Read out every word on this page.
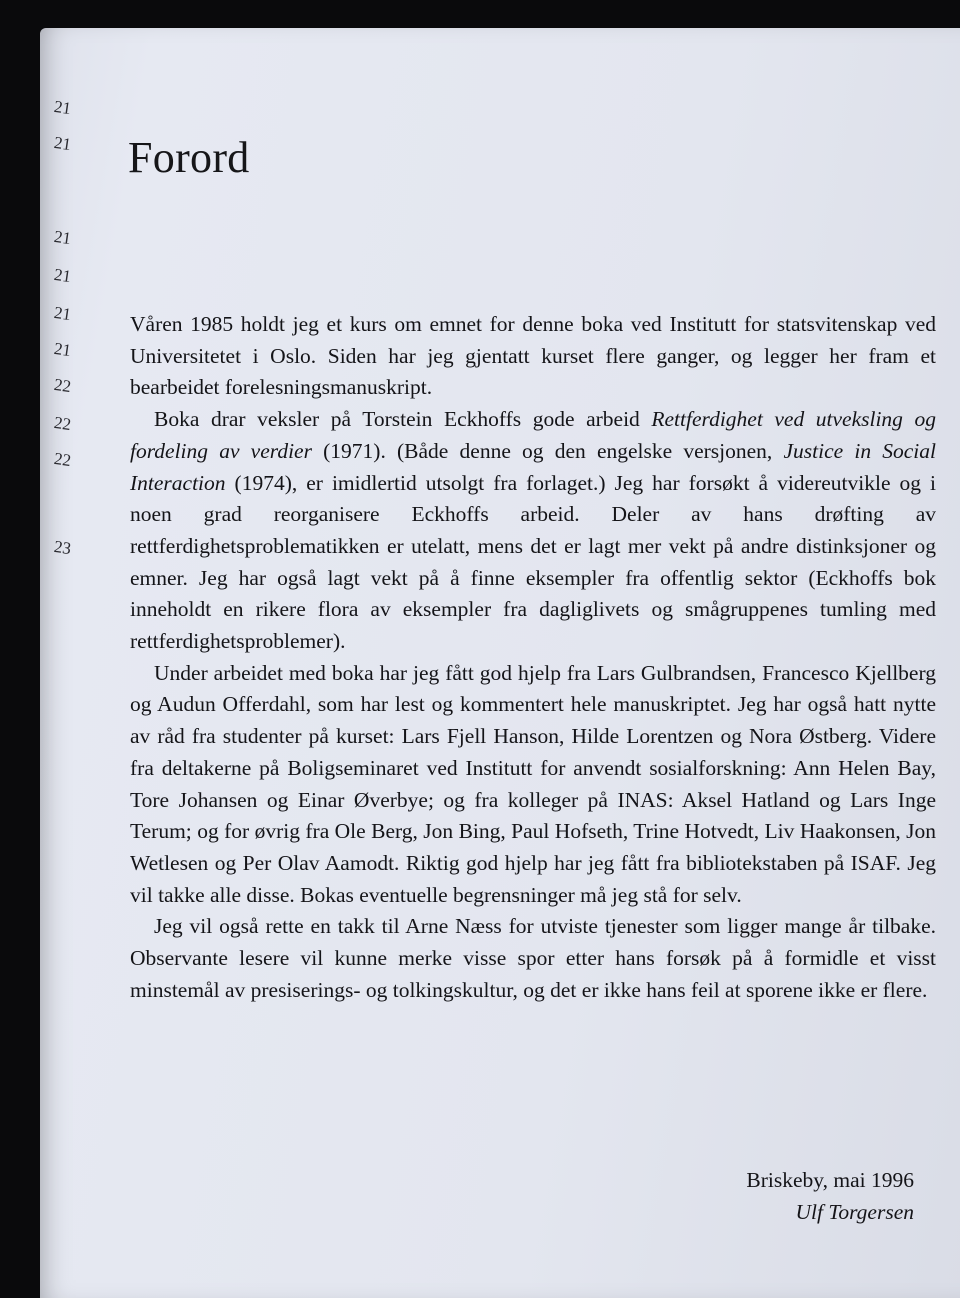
21
21
21
21
21
21
22
22
22
23
Forord

Våren 1985 holdt jeg et kurs om emnet for denne boka ved Institutt for statsvitenskap ved Universitetet i Oslo. Siden har jeg gjentatt kurset flere ganger, og legger her fram et bearbeidet forelesningsmanuskript.

Boka drar veksler på Torstein Eckhoffs gode arbeid Rettferdighet ved utveksling og fordeling av verdier (1971). (Både denne og den engelske versjonen, Justice in Social Interaction (1974), er imidlertid utsolgt fra forlaget.) Jeg har forsøkt å videreutvikle og i noen grad reorganisere Eckhoffs arbeid. Deler av hans drøfting av rettferdighetsproblematikken er utelatt, mens det er lagt mer vekt på andre distinksjoner og emner. Jeg har også lagt vekt på å finne eksempler fra offentlig sektor (Eckhoffs bok inneholdt en rikere flora av eksempler fra dagliglivets og smågruppenes tumling med rettferdighetsproblemer).

Under arbeidet med boka har jeg fått god hjelp fra Lars Gulbrandsen, Francesco Kjellberg og Audun Offerdahl, som har lest og kommentert hele manuskriptet. Jeg har også hatt nytte av råd fra studenter på kurset: Lars Fjell Hanson, Hilde Lorentzen og Nora Østberg. Videre fra deltakerne på Boligseminaret ved Institutt for anvendt sosialforskning: Ann Helen Bay, Tore Johansen og Einar Øverbye; og fra kolleger på INAS: Aksel Hatland og Lars Inge Terum; og for øvrig fra Ole Berg, Jon Bing, Paul Hofseth, Trine Hotvedt, Liv Haakonsen, Jon Wetlesen og Per Olav Aamodt. Riktig god hjelp har jeg fått fra bibliotekstaben på ISAF. Jeg vil takke alle disse. Bokas eventuelle begrensninger må jeg stå for selv.

Jeg vil også rette en takk til Arne Næss for utviste tjenester som ligger mange år tilbake. Observante lesere vil kunne merke visse spor etter hans forsøk på å formidle et visst minstemål av presiserings- og tolkingskultur, og det er ikke hans feil at sporene ikke er flere.

Briskeby, mai 1996
Ulf Torgersen
